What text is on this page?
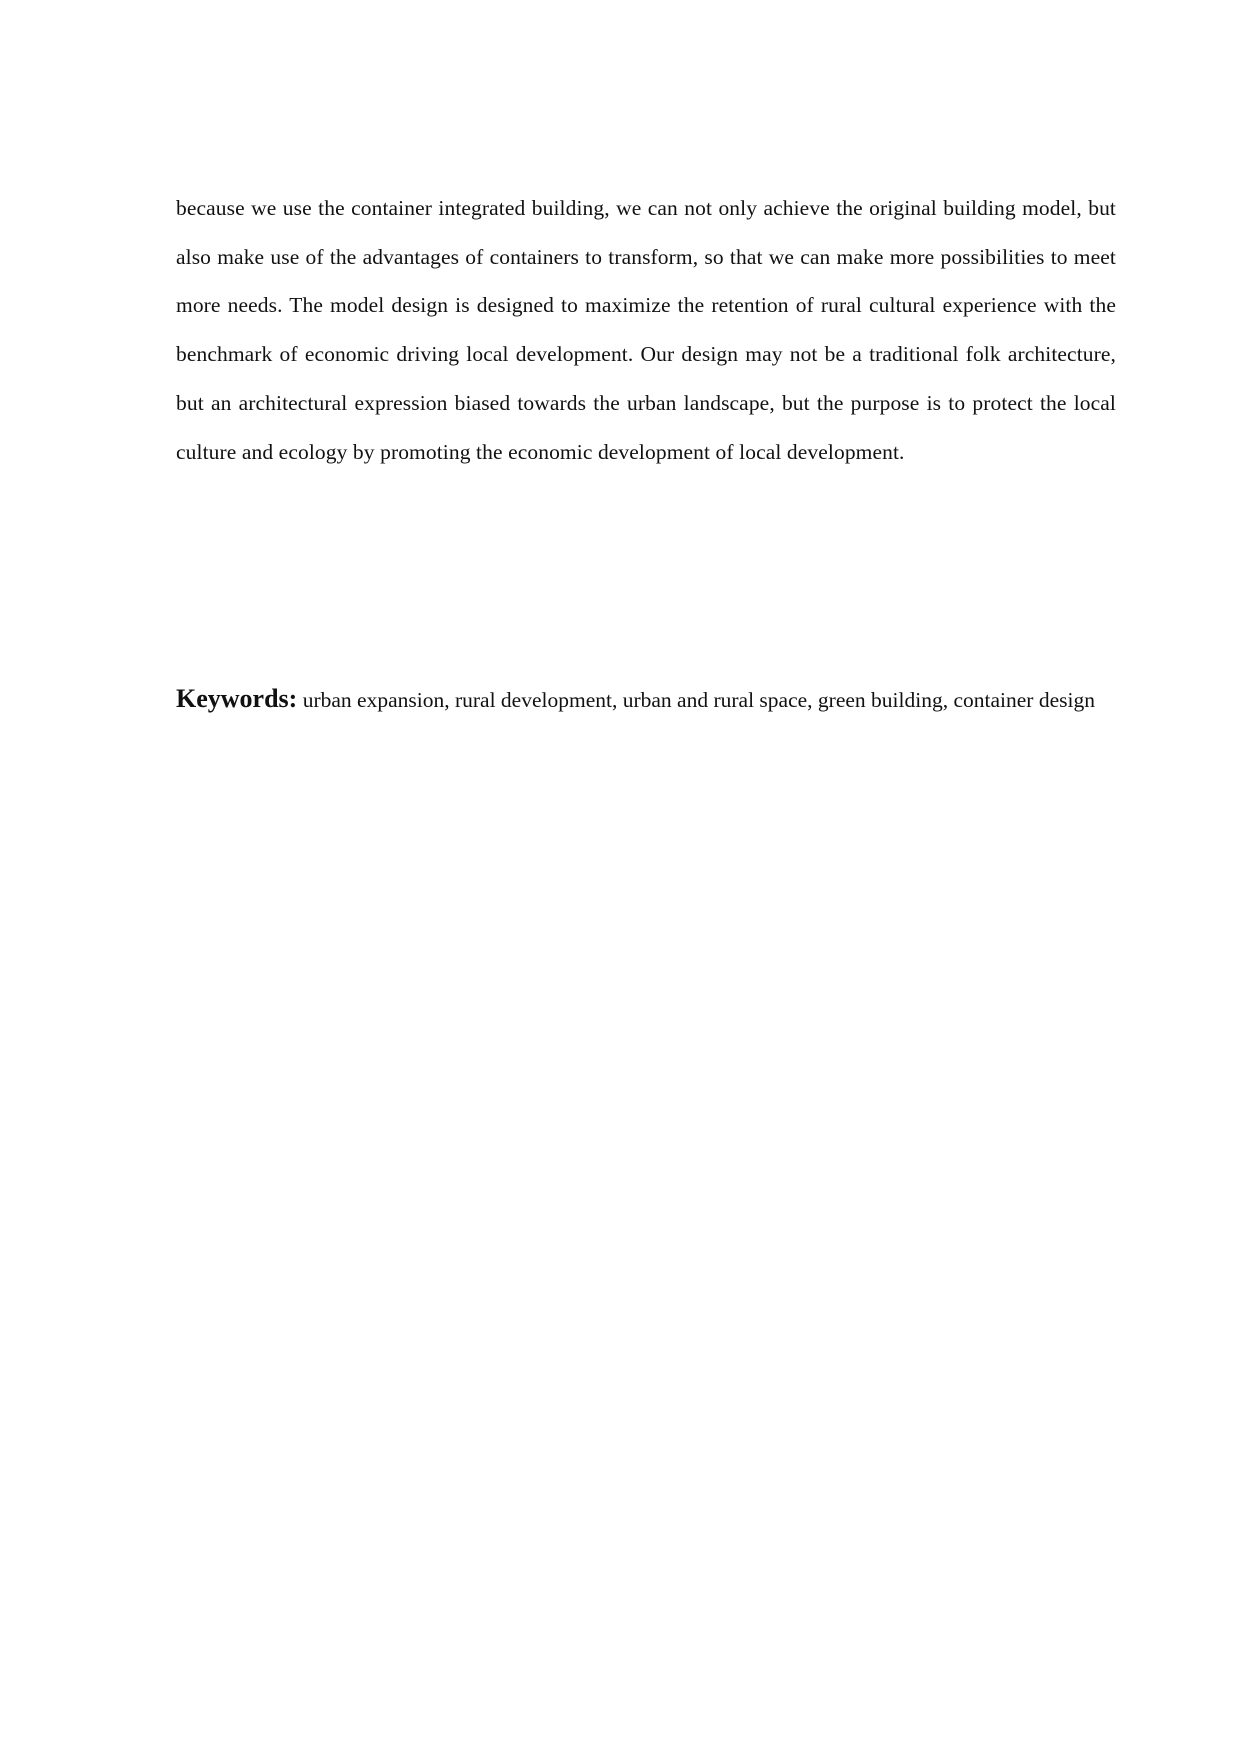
because we use the container integrated building, we can not only achieve the original building model, but also make use of the advantages of containers to transform, so that we can make more possibilities to meet more needs. The model design is designed to maximize the retention of rural cultural experience with the benchmark of economic driving local development. Our design may not be a traditional folk architecture, but an architectural expression biased towards the urban landscape, but the purpose is to protect the local culture and ecology by promoting the economic development of local development.

Keywords: urban expansion, rural development, urban and rural space, green building, container design
